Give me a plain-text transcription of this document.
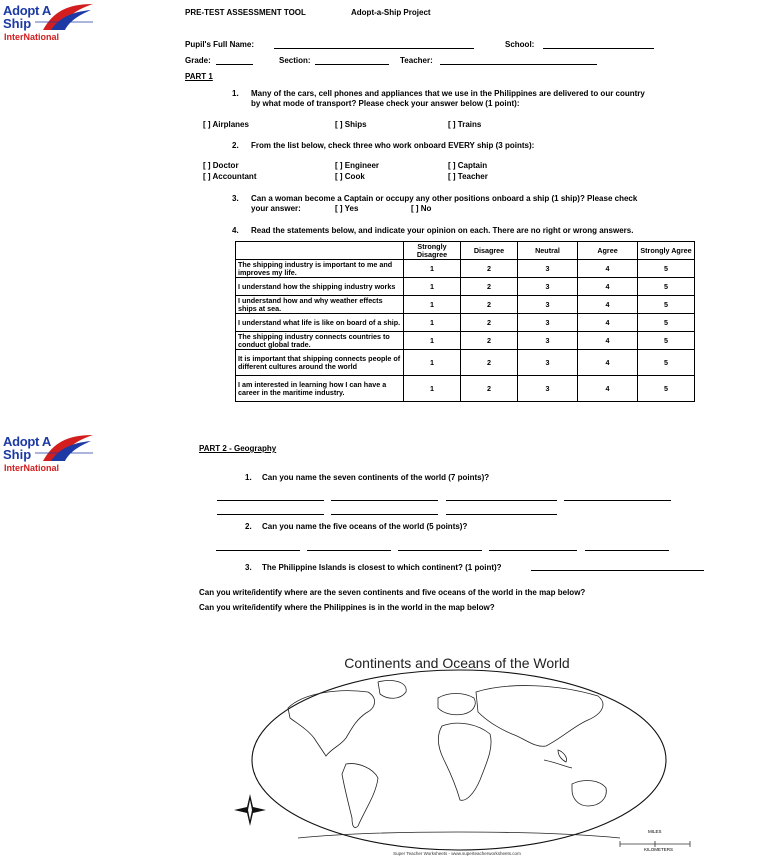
Adopt A
Ship
InterNational
PRE-TEST ASSESSMENT TOOL	Adopt-a-Ship Project
Pupil's Full Name:	School:
Grade:	Section:	Teacher:
PART 1
1. Many of the cars, cell phones and appliances that we use in the Philippines are delivered to our country
by what mode of transport? Please check your answer below (1 point):
[ ] Airplanes	[ ] Ships	[ ] Trains
2. From the list below, check three who work onboard EVERY ship (3 points):
[ ] Doctor	[ ] Engineer	[ ] Captain
[ ] Accountant	[ ] Cook	[ ] Teacher
3. Can a woman become a Captain or occupy any other positions onboard a ship (1 ship)? Please check
your answer:	[ ] Yes	[ ] No
4. Read the statements below, and indicate your opinion on each. There are no right or wrong answers.
	Strongly Disagree	Disagree	Neutral	Agree	Strongly Agree
The shipping industry is important to me and improves my life.	1	2	3	4	5
I understand how the shipping industry works	1	2	3	4	5
I understand how and why weather effects ships at sea.	1	2	3	4	5
I understand what life is like on board of a ship.	1	2	3	4	5
The shipping industry connects countries to conduct global trade.	1	2	3	4	5
It is important that shipping connects people of different cultures around the world	1	2	3	4	5
I am interested in learning how I can have a career in the maritime industry.	1	2	3	4	5
Adopt A
Ship
InterNational
PART 2 - Geography
1. Can you name the seven continents of the world (7 points)?
2. Can you name the five oceans of the world (5 points)?
3. The Philippine Islands is closest to which continent? (1 point)?
Can you write/identify where are the seven continents and five oceans of the world in the map below?
Can you write/identify where the Philippines is in the world in the map below?
Continents and Oceans of the World
MILES
KILOMETERS
Super Teacher Worksheets - www.superteacherworksheets.com
